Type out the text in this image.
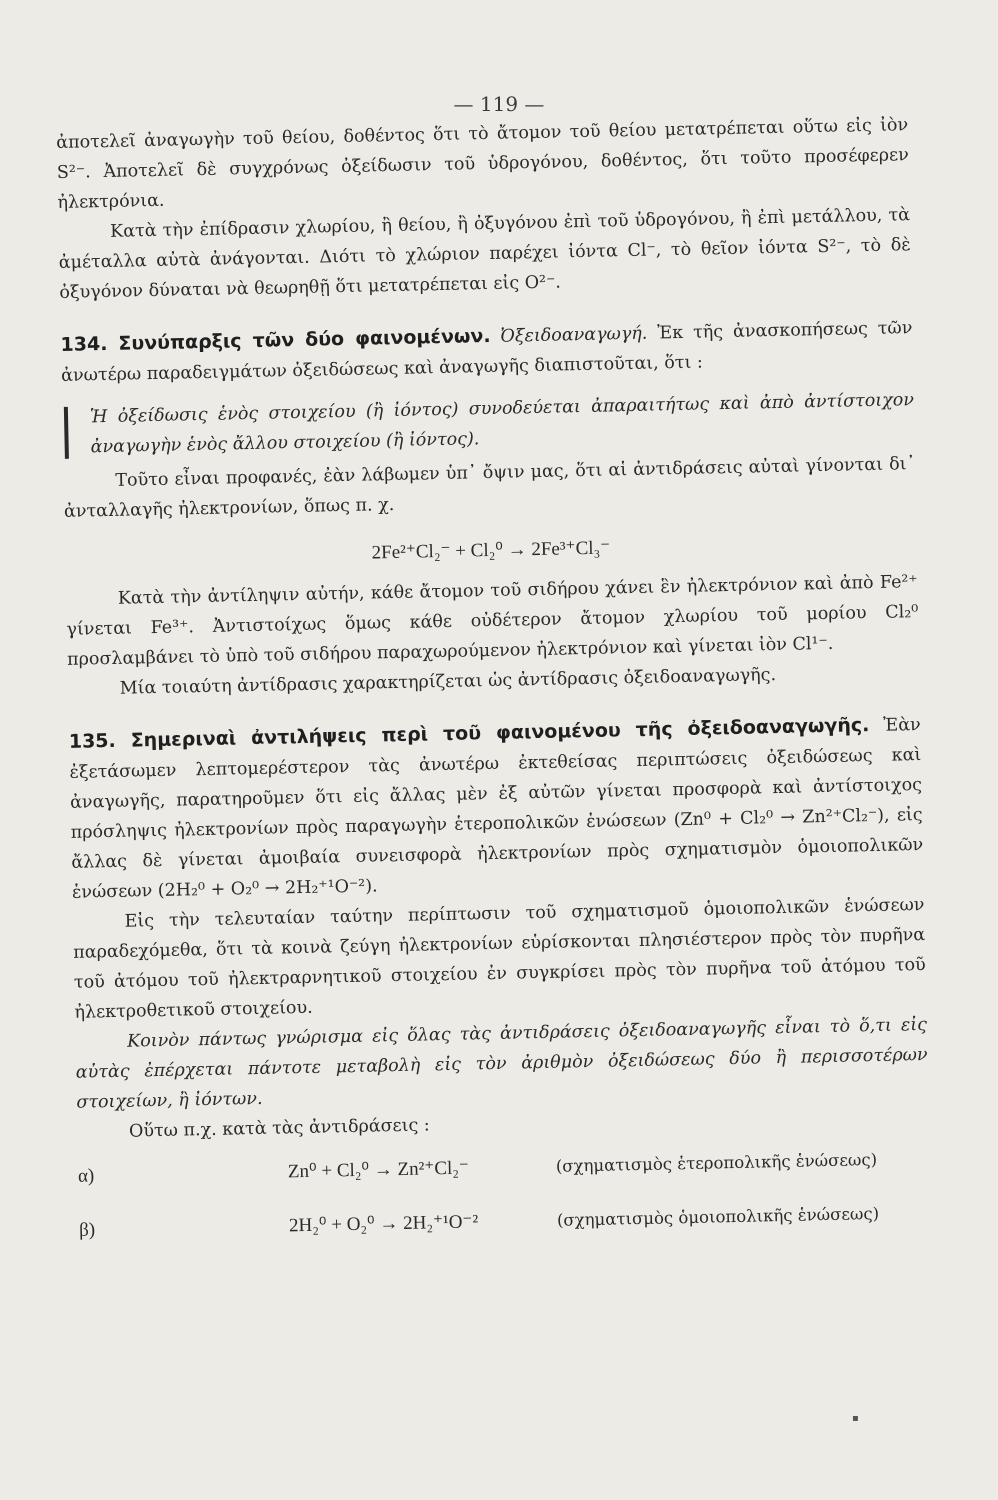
— 119 —

ἀποτελεῖ ἀναγωγὴν τοῦ θείου, δοθέντος ὅτι τὸ ἄτομον τοῦ θείου μετατρέπεται οὕτω εἰς ἰὸν S²⁻. Ἀποτελεῖ δὲ συγχρόνως ὀξείδωσιν τοῦ ὑδρογόνου, δοθέντος, ὅτι τοῦτο προσέφερεν ἠλεκτρόνια.

Κατὰ τὴν ἐπίδρασιν χλωρίου, ἢ θείου, ἢ ὀξυγόνου ἐπὶ τοῦ ὑδρογόνου, ἢ ἐπὶ μετάλλου, τὰ ἀμέταλλα αὐτὰ ἀνάγονται. Διότι τὸ χλώριον παρέχει ἰόντα Cl⁻, τὸ θεῖον ἰόντα S²⁻, τὸ δὲ ὀξυγόνον δύναται νὰ θεωρηθῇ ὅτι μετατρέπεται εἰς O²⁻.

134. Συνύπαρξις τῶν δύο φαινομένων. Ὀξειδοαναγωγή. Ἐκ τῆς ἀνασκοπήσεως τῶν ἀνωτέρω παραδειγμάτων ὀξειδώσεως καὶ ἀναγωγῆς διαπιστοῦται, ὅτι :

Ἡ ὀξείδωσις ἑνὸς στοιχείου (ἢ ἰόντος) συνοδεύεται ἀπαραιτήτως καὶ ἀπὸ ἀντίστοιχον ἀναγωγὴν ἑνὸς ἄλλου στοιχείου (ἢ ἰόντος).

Τοῦτο εἶναι προφανές, ἐὰν λάβωμεν ὑπ᾽ ὄψιν μας, ὅτι αἱ ἀντιδράσεις αὐταὶ γίνονται δι᾽ ἀνταλλαγῆς ἠλεκτρονίων, ὅπως π. χ.

2Fe²⁺Cl₂⁻ + Cl₂⁰ → 2Fe³⁺Cl₃⁻

Κατὰ τὴν ἀντίληψιν αὐτήν, κάθε ἄτομον τοῦ σιδήρου χάνει ἓν ἠλεκτρόνιον καὶ ἀπὸ Fe²⁺ γίνεται Fe³⁺. Ἀντιστοίχως ὅμως κάθε οὐδέτερον ἄτομον χλωρίου τοῦ μορίου Cl₂⁰ προσλαμβάνει τὸ ὑπὸ τοῦ σιδήρου παραχωρούμενον ἠλεκτρόνιον καὶ γίνεται ἰὸν Cl¹⁻.

Μία τοιαύτη ἀντίδρασις χαρακτηρίζεται ὡς ἀντίδρασις ὀξειδοαναγωγῆς.

135. Σημεριναὶ ἀντιλήψεις περὶ τοῦ φαινομένου τῆς ὀξειδοαναγωγῆς. Ἐὰν ἐξετάσωμεν λεπτομερέστερον τὰς ἀνωτέρω ἐκτεθείσας περιπτώσεις ὀξειδώσεως καὶ ἀναγωγῆς, παρατηροῦμεν ὅτι εἰς ἄλλας μὲν ἐξ αὐτῶν γίνεται προσφορὰ καὶ ἀντίστοιχος πρόσληψις ἠλεκτρονίων πρὸς παραγωγὴν ἑτεροπολικῶν ἑνώσεων (Zn⁰ + Cl₂⁰ → Zn²⁺Cl₂⁻), εἰς ἄλλας δὲ γίνεται ἀμοιβαία συνεισφορὰ ἠλεκτρονίων πρὸς σχηματισμὸν ὁμοιοπολικῶν ἑνώσεων (2H₂⁰ + O₂⁰ → 2H₂⁺¹O⁻²).

Εἰς τὴν τελευταίαν ταύτην περίπτωσιν τοῦ σχηματισμοῦ ὁμοιοπολικῶν ἑνώσεων παραδεχόμεθα, ὅτι τὰ κοινὰ ζεύγη ἠλεκτρονίων εὑρίσκονται πλησιέστερον πρὸς τὸν πυρῆνα τοῦ ἀτόμου τοῦ ἠλεκτραρνητικοῦ στοιχείου ἐν συγκρίσει πρὸς τὸν πυρῆνα τοῦ ἀτόμου τοῦ ἠλεκτροθετικοῦ στοιχείου.

Κοινὸν πάντως γνώρισμα εἰς ὅλας τὰς ἀντιδράσεις ὀξειδοαναγωγῆς εἶναι τὸ ὅ,τι εἰς αὐτὰς ἐπέρχεται πάντοτε μεταβολὴ εἰς τὸν ἀριθμὸν ὀξειδώσεως δύο ἢ περισσοτέρων στοιχείων, ἢ ἰόντων.

Οὕτω π.χ. κατὰ τὰς ἀντιδράσεις :

α)	Zn⁰ + Cl₂⁰ → Zn²⁺Cl₂⁻	(σχηματισμὸς ἑτεροπολικῆς ἑνώσεως)
β)	2H₂⁰ + O₂⁰ → 2H₂⁺¹O⁻²	(σχηματισμὸς ὁμοιοπολικῆς ἑνώσεως)
▪
